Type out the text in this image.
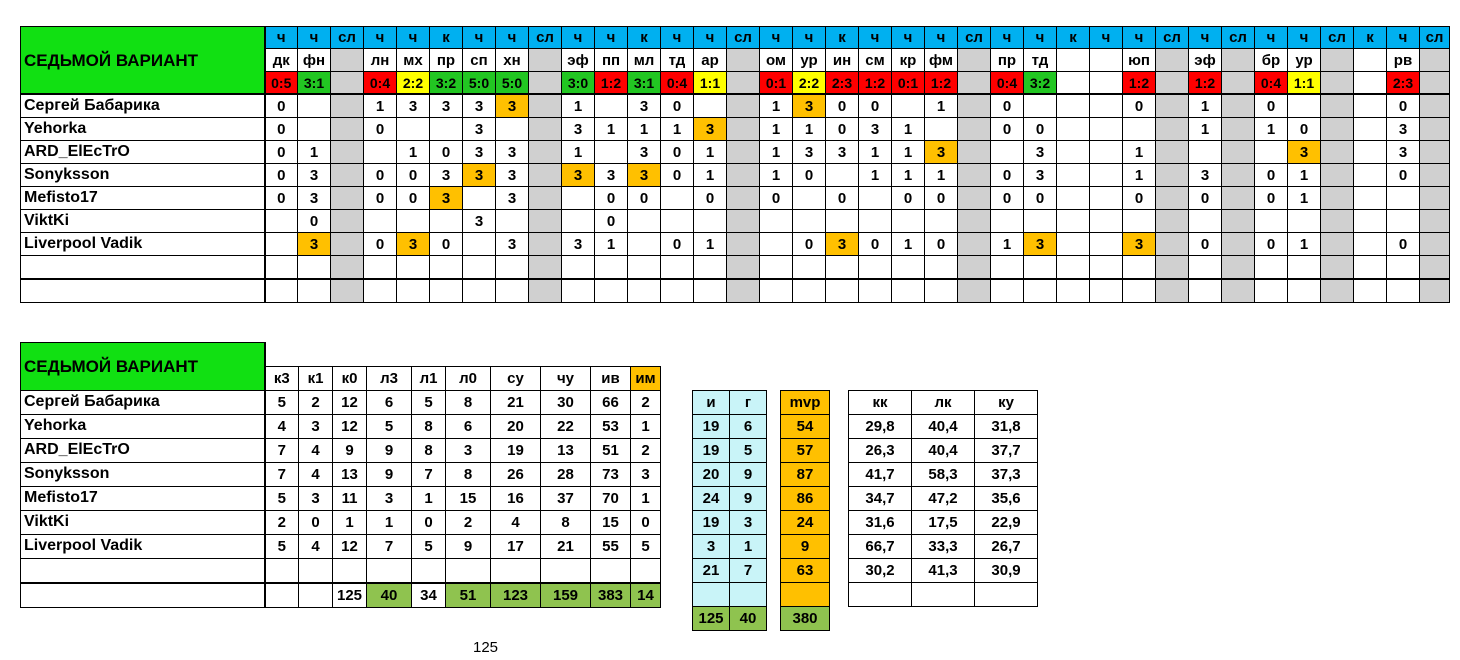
СЕДЬМОЙ ВАРИАНТ	ч	ч	сл	ч	ч	к	ч	ч	сл	ч	ч	к	ч	ч	сл	ч	ч	к	ч	ч	ч	сл	ч	ч	к	ч	ч	сл	ч	сл	ч	ч	сл	к	ч	сл
	дк	фн		лн	мх	пр	сп	хн		эф	пп	мл	тд	ар		ом	ур	ин	см	кр	фм		пр	тд			юп		эф		бр	ур			рв	
	0:5	3:1		0:4	2:2	3:2	5:0	5:0		3:0	1:2	3:1	0:4	1:1		0:1	2:2	2:3	1:2	0:1	1:2		0:4	3:2			1:2		1:2		0:4	1:1			2:3	
Сергей Бабарика	0			1	3	3	3	3		1		3	0			1	3	0	0		1		0				0		1		0				0	
Yehorka	0			0			3			3	1	1	1	3		1	1	0	3	1			0	0					1		1	0			3	
ARD_ElEcTrO	0	1			1	0	3	3		1		3	0	1		1	3	3	1	1	3			3			1					3			3	
Sonyksson	0	3		0	0	3	3	3		3	3	3	0	1		1	0		1	1	1		0	3			1		3		0	1			0	
Mefisto17	0	3		0	0	3		3			0	0		0		0		0		0	0		0	0			0		0		0	1				
ViktKi		0					3				0																									
Liverpool Vadik		3		0	3	0		3		3	1		0	1			0	3	0	1	0		1	3			3		0		0	1			0	

СЕДЬМОЙ ВАРИАНТ										
	к3	к1	к0	л3	л1	л0	су	чу	ив	им
Сергей Бабарика	5	2	12	6	5	8	21	30	66	2
Yehorka	4	3	12	5	8	6	20	22	53	1
ARD_ElEcTrO	7	4	9	9	8	3	19	13	51	2
Sonyksson	7	4	13	9	7	8	26	28	73	3
Mefisto17	5	3	11	3	1	15	16	37	70	1
ViktKi	2	0	1	1	0	2	4	8	15	0
Liverpool Vadik	5	4	12	7	5	9	17	21	55	5

			125	40	34	51	123	159	383	14
и	г
19	6
19	5
20	9
24	9
19	3
3	1
21	7

125	40
mvp
54
57
87
86
24
9
63

380
кк	лк	ку
29,8	40,4	31,8
26,3	40,4	37,7
41,7	58,3	37,3
34,7	47,2	35,6
31,6	17,5	22,9
66,7	33,3	26,7
30,2	41,3	30,9

125
